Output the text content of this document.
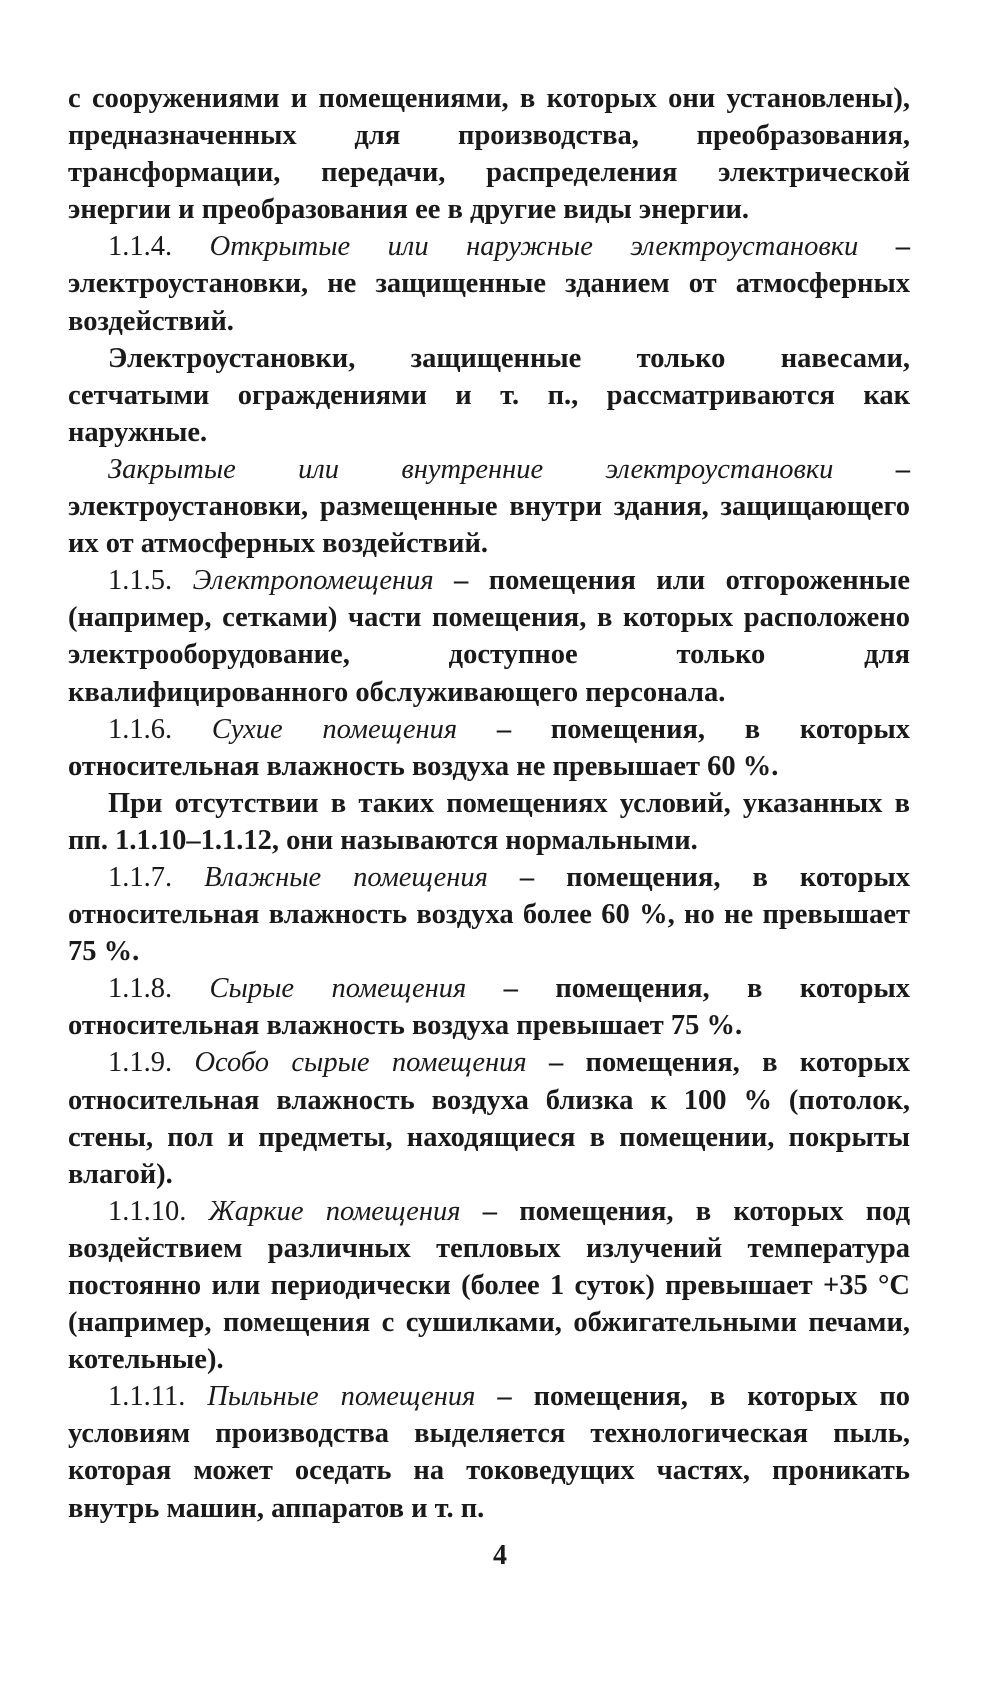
с сооружениями и помещениями, в которых они установлены), предназначенных для производства, преобразования, трансформации, передачи, распределения электрической энергии и преобразования ее в другие виды энергии.

1.1.4. Открытые или наружные электроустановки – электроустановки, не защищенные зданием от атмосферных воздействий.

Электроустановки, защищенные только навесами, сетчатыми ограждениями и т. п., рассматриваются как наружные.

Закрытые или внутренние электроустановки – электроустановки, размещенные внутри здания, защищающего их от атмосферных воздействий.

1.1.5. Электропомещения – помещения или отгороженные (например, сетками) части помещения, в которых расположено электрооборудование, доступное только для квалифицированного обслуживающего персонала.

1.1.6. Сухие помещения – помещения, в которых относительная влажность воздуха не превышает 60 %.

При отсутствии в таких помещениях условий, указанных в пп. 1.1.10–1.1.12, они называются нормальными.

1.1.7. Влажные помещения – помещения, в которых относительная влажность воздуха более 60 %, но не превышает 75 %.

1.1.8. Сырые помещения – помещения, в которых относительная влажность воздуха превышает 75 %.

1.1.9. Особо сырые помещения – помещения, в которых относительная влажность воздуха близка к 100 % (потолок, стены, пол и предметы, находящиеся в помещении, покрыты влагой).

1.1.10. Жаркие помещения – помещения, в которых под воздействием различных тепловых излучений температура постоянно или периодически (более 1 суток) превышает +35 °С (например, помещения с сушилками, обжигательными печами, котельные).

1.1.11. Пыльные помещения – помещения, в которых по условиям производства выделяется технологическая пыль, которая может оседать на токоведущих частях, проникать внутрь машин, аппаратов и т. п.

4
